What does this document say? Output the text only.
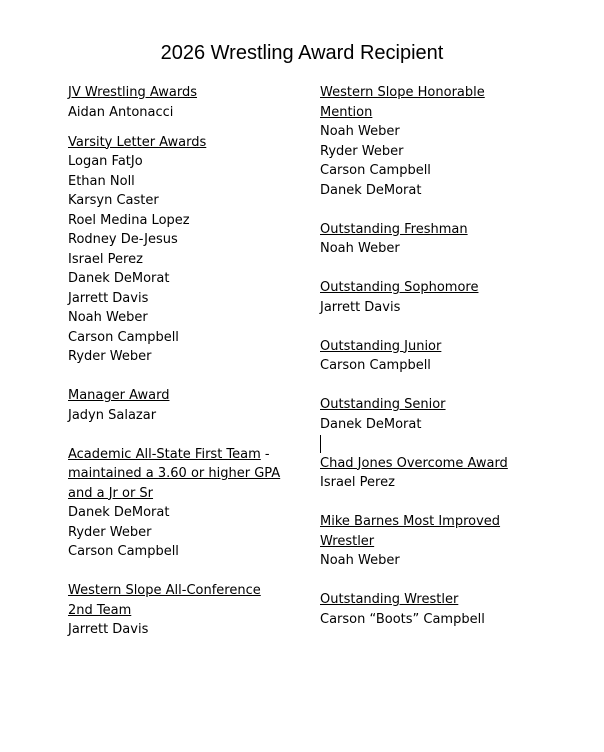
2026 Wrestling Award Recipient
JV Wrestling Awards
Aidan Antonacci
Varsity Letter Awards
Logan FatJo
Ethan Noll
Karsyn Caster
Roel Medina Lopez
Rodney De-Jesus
Israel Perez
Danek DeMorat
Jarrett Davis
Noah Weber
Carson Campbell
Ryder Weber
Manager Award
Jadyn Salazar
Academic All-State First Team -
maintained a 3.60 or higher GPA
and a Jr or Sr
Danek DeMorat
Ryder Weber
Carson Campbell
Western Slope All-Conference
2nd Team
Jarrett Davis
Western Slope Honorable
Mention
Noah Weber
Ryder Weber
Carson Campbell
Danek DeMorat
Outstanding Freshman
Noah Weber
Outstanding Sophomore
Jarrett Davis
Outstanding Junior
Carson Campbell
Outstanding Senior
Danek DeMorat
Chad Jones Overcome Award
Israel Perez
Mike Barnes Most Improved
Wrestler
Noah Weber
Outstanding Wrestler
Carson “Boots” Campbell
